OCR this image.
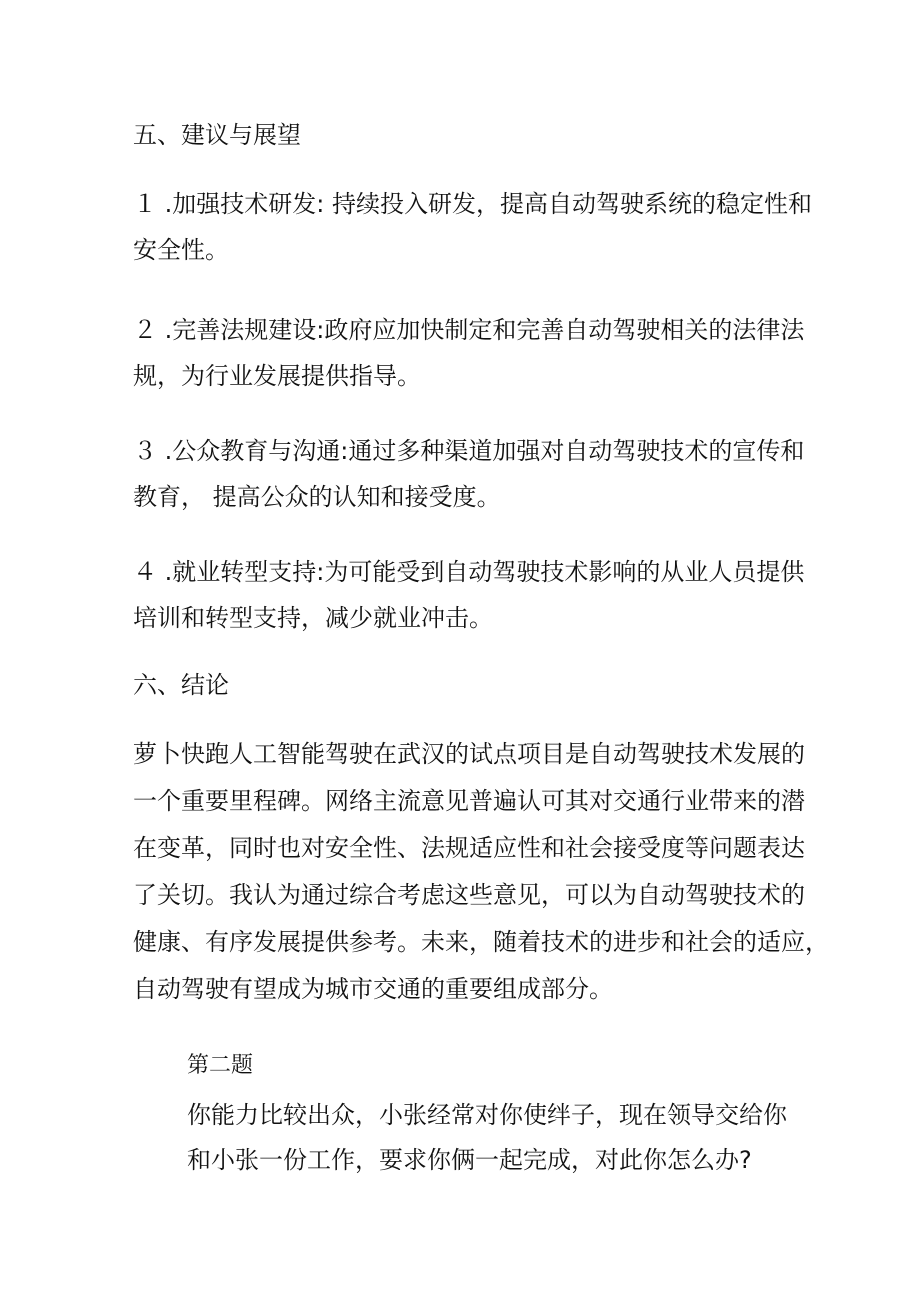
五、建议与展望

１ .加强技术研发: 持续投入研发，提高自动驾驶系统的稳定性和
安全性。

２ .完善法规建设:政府应加快制定和完善自动驾驶相关的法律法
规，为行业发展提供指导。

３ .公众教育与沟通:通过多种渠道加强对自动驾驶技术的宣传和
教育， 提高公众的认知和接受度。

４ .就业转型支持:为可能受到自动驾驶技术影响的从业人员提供
培训和转型支持，减少就业冲击。

六、结论

萝卜快跑人工智能驾驶在武汉的试点项目是自动驾驶技术发展的
一个重要里程碑。网络主流意见普遍认可其对交通行业带来的潜
在变革，同时也对安全性、法规适应性和社会接受度等问题表达
了关切。我认为通过综合考虑这些意见，可以为自动驾驶技术的
健康、有序发展提供参考。未来，随着技术的进步和社会的适应，
自动驾驶有望成为城市交通的重要组成部分。

第二题

你能力比较出众，小张经常对你使绊子，现在领导交给你
和小张一份工作，要求你俩一起完成，对此你怎么办?
